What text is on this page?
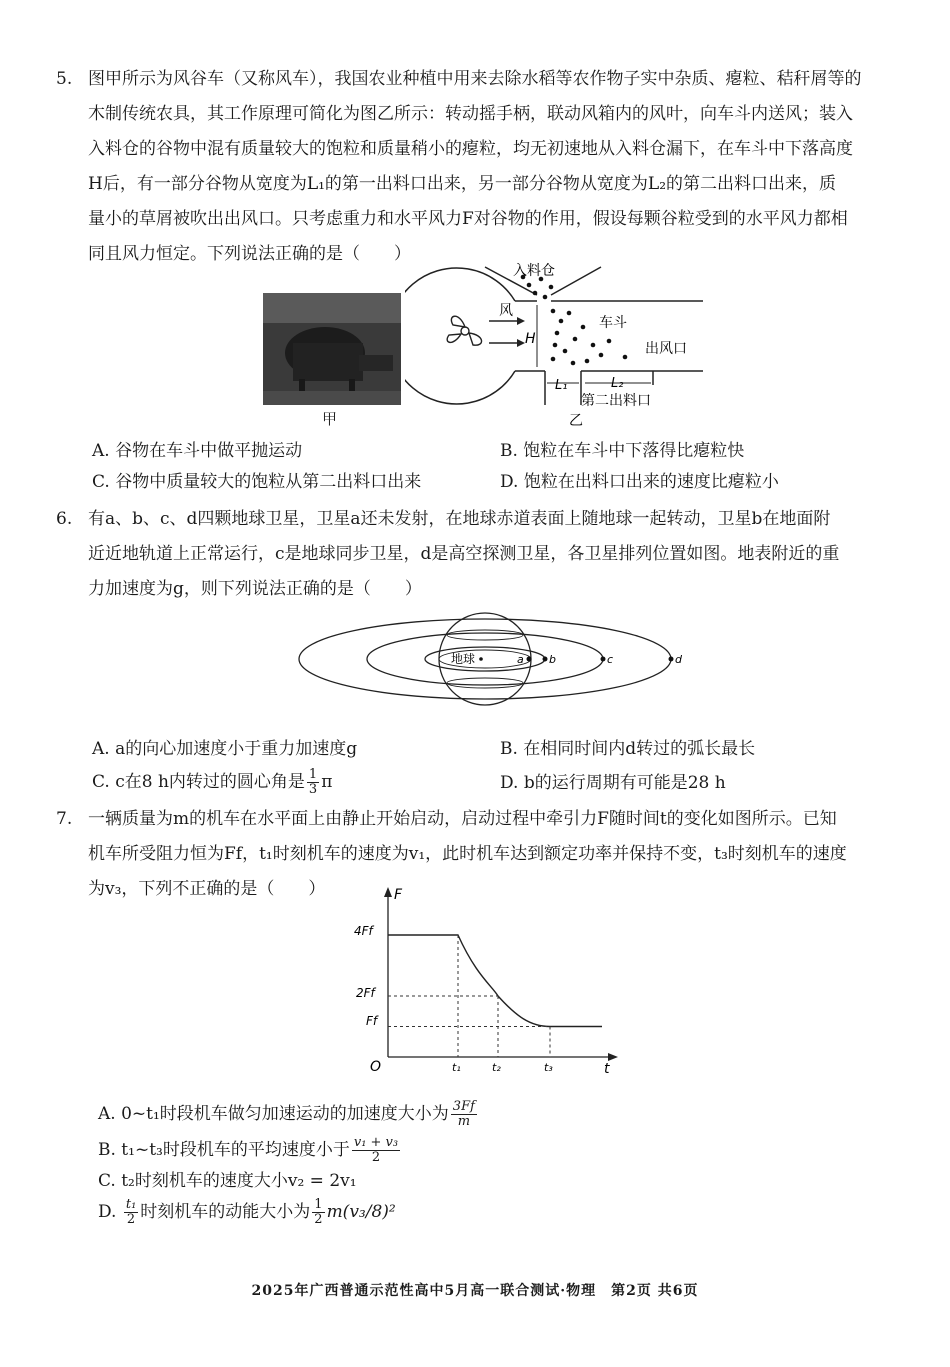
5. 图甲所示为风谷车（又称风车），我国农业种植中用来去除水稻等农作物子实中杂质、瘪粒、秸秆屑等的
木制传统农具，其工作原理可简化为图乙所示：转动摇手柄，联动风箱内的风叶，向车斗内送风；装入
入料仓的谷物中混有质量较大的饱粒和质量稍小的瘪粒，均无初速地从入料仓漏下，在车斗中下落高度
H后，有一部分谷物从宽度为L₁的第一出料口出来，另一部分谷物从宽度为L₂的第二出料口出来，质
量小的草屑被吹出出风口。只考虑重力和水平风力F对谷物的作用，假设每颗谷粒受到的水平风力都相
同且风力恒定。下列说法正确的是（　　）
甲
入料仓
风
H
车斗
出风口
L₁	L₂
第二出料口
乙
A. 谷物在车斗中做平抛运动	B. 饱粒在车斗中下落得比瘪粒快
C. 谷物中质量较大的饱粒从第二出料口出来	D. 饱粒在出料口出来的速度比瘪粒小
6. 有a、b、c、d四颗地球卫星，卫星a还未发射，在地球赤道表面上随地球一起转动，卫星b在地面附
近近地轨道上正常运行，c是地球同步卫星，d是高空探测卫星，各卫星排列位置如图。地表附近的重
力加速度为g，则下列说法正确的是（　　）
地球	a b	c	d
A. a的向心加速度小于重力加速度g	B. 在相同时间内d转过的弧长最长
C. c在8 h内转过的圆心角是 $\frac{1}{3}$ π	D. b的运行周期有可能是28 h
7. 一辆质量为m的机车在水平面上由静止开始启动，启动过程中牵引力F随时间t的变化如图所示。已知
机车所受阻力恒为Ff，t₁时刻机车的速度为v₁，此时机车达到额定功率并保持不变，t₃时刻机车的速度
为v₃，下列不正确的是（　　）	F
t
O
4Ff
2Ff
Ff
t₁	t₂	t₃
A. 0~t₁时段机车做匀加速运动的加速度大小为 $\frac{3Ff}{m}$
B. t₁~t₃时段机车的平均速度小于 $\frac{\text{v₁ + v₃}}{2}$
C. t₂时刻机车的速度大小v₂ = 2v₁
D. $\frac{\text{t₁}}{2}$ 时刻机车的动能大小为 $\frac{1}{2} m(v_3/8)^2$
2025年广西普通示范性高中5月高一联合测试·物理　第2页 共6页
